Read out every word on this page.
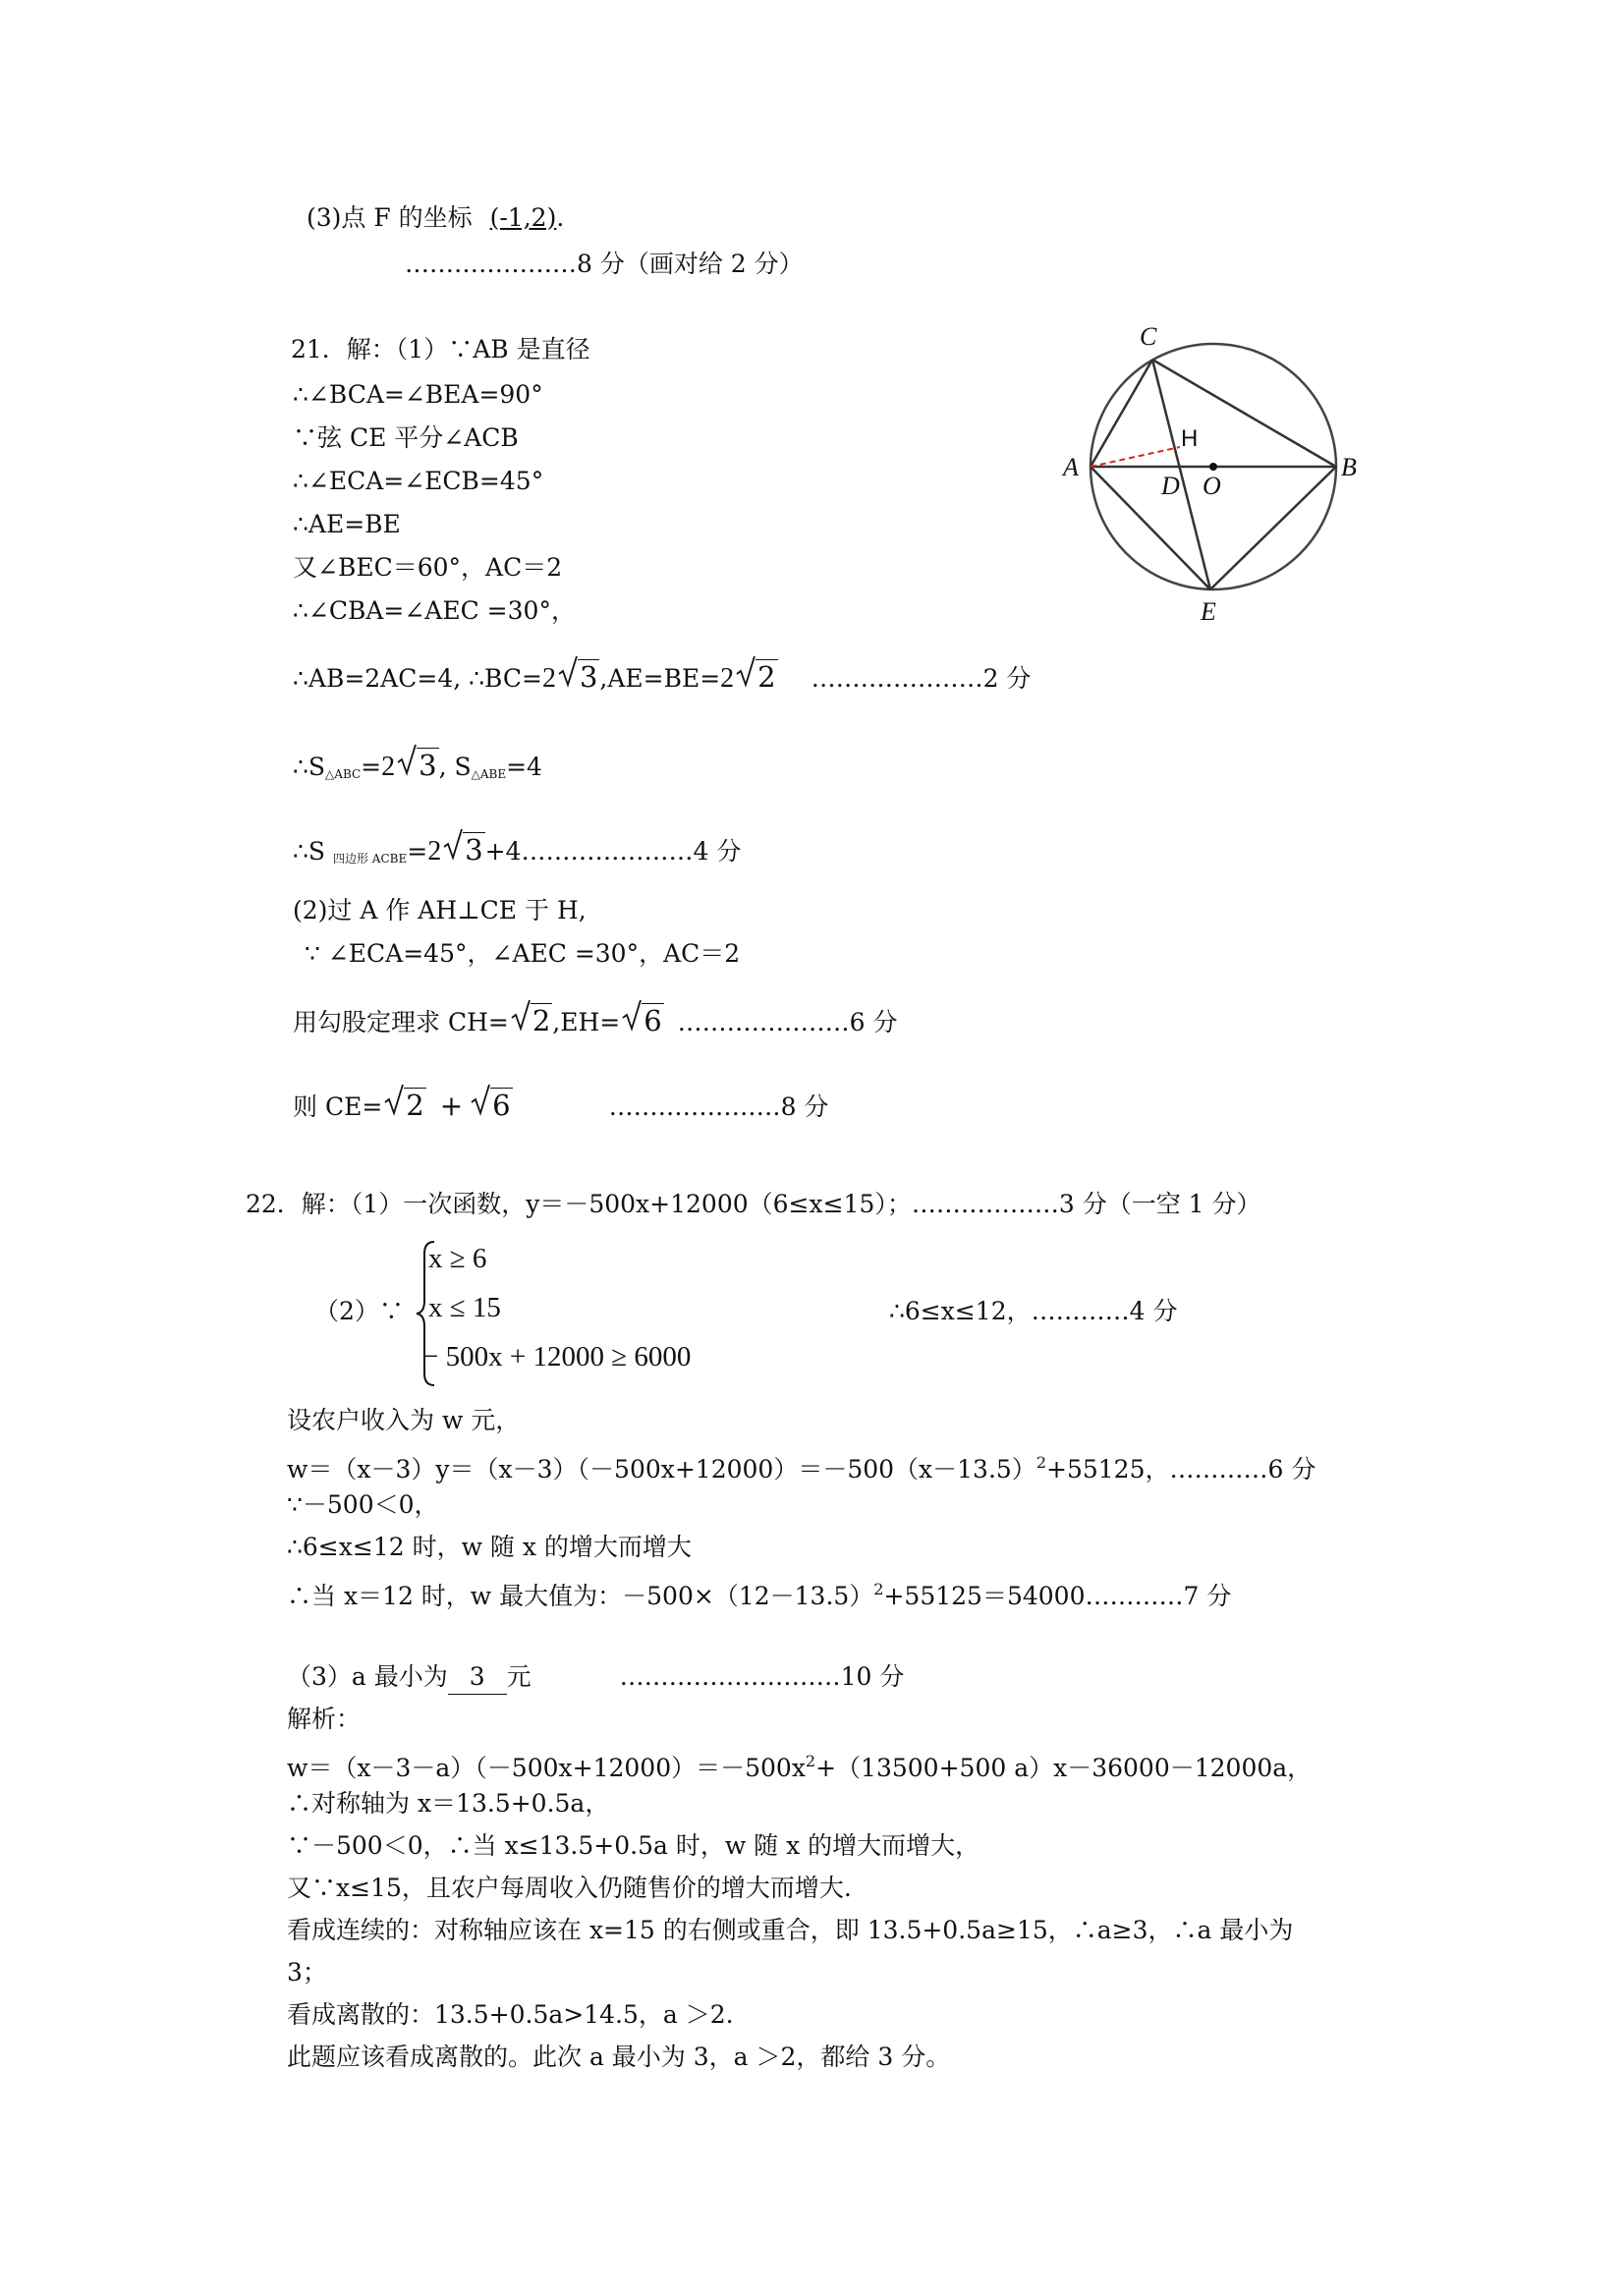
(3)点 F 的坐标 (-1,2).
…………………8 分（画对给 2 分）
21．解：（1）∵AB 是直径
∴∠BCA=∠BEA=90°
∵弦 CE 平分∠ACB
∴∠ECA=∠ECB=45°
∴AE=BE
又∠BEC＝60°，AC＝2
∴∠CBA=∠AEC =30°，
∴AB=2AC=4, ∴BC=2 3,AE=BE=2 2 …………………2 分
$\therefore S_{\triangle ABC}=2$ 3, $S_{\triangle ABE}=4$
∴S $_{四边形 ACBE}$=2 3+4…………………4 分
(2)过 A 作 AH⊥CE 于 H,
∵ ∠ECA=45°，∠AEC =30°，AC＝2
用勾股定理求 CH= 2,EH= 6 …………………6 分
则 CE= 2 + 6	…………………8 分
C
A
D O
B
E
H
22．解：（1）一次函数，y＝－500x+12000（6≤x≤15）；………………3 分（一空 1 分）
（2）∵
x ≥ 6
x ≤ 15
− 500x + 12000 ≥ 6000
∴6≤x≤12，…………4 分
设农户收入为 w 元，
$w=(x-3)y=(x-3)(-500x+12000)=-500(x-13.5)^2+55125$，…………6 分
∵－500＜0，
∴6≤x≤12 时，w 随 x 的增大而增大
∴当 x＝12 时，w 最大值为：$-500\times(12-13.5)^2+55125=54000\dots\dots\dots\dots 7$ 分
（3）a 最小为 3 元	………………………10 分
解析：
$w=(x-3-a)(-500x+12000)=-500x^2+(13500+500$ a）x－36000－12000a，
∴对称轴为 x＝13.5+0.5a，
∵－500＜0，∴当 x≤13.5+0.5a 时，w 随 x 的增大而增大，
又∵x≤15，且农户每周收入仍随售价的增大而增大.
看成连续的：对称轴应该在 x=15 的右侧或重合，即 13.5+0.5a≥15，∴a≥3，∴a 最小为
3；
看成离散的：13.5+0.5a>14.5，a ＞2.
此题应该看成离散的。此次 a 最小为 3，a ＞2，都给 3 分。
